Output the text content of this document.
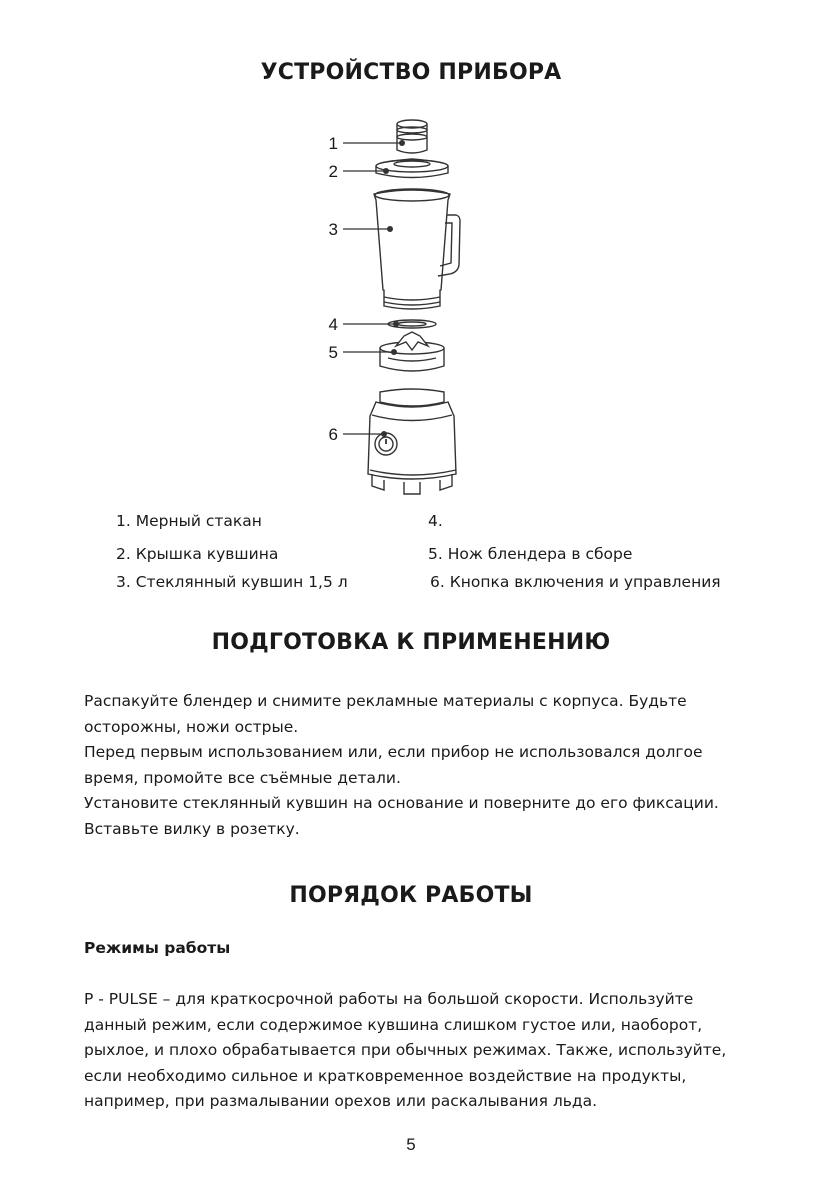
УСТРОЙСТВО ПРИБОРА
1
2
3
4
5
6

1. Мерный стакан

2. Крышка кувшина

3. Стеклянный кувшин 1,5 л

4.

5. Нож блендера в сборе

6. Кнопка включения и управления

ПОДГОТОВКА К ПРИМЕНЕНИЮ
Распакуйте блендер и снимите рекламные материалы с корпуса. Будьте
осторожны, ножи острые.
Перед первым использованием или, если прибор не использовался долгое
время, промойте все съёмные детали.
Установите стеклянный кувшин на основание и поверните до его фиксации.
Вставьте вилку в розетку.
ПОРЯДОК РАБОТЫ

Режимы работы

P - PULSE – для краткосрочной работы на большой скорости. Используйте
данный режим, если содержимое кувшина слишком густое или, наоборот,
рыхлое, и плохо обрабатывается при обычных режимах. Также, используйте,
если необходимо сильное и кратковременное воздействие на продукты,
например, при размалывании орехов или раскалывания льда.
5
